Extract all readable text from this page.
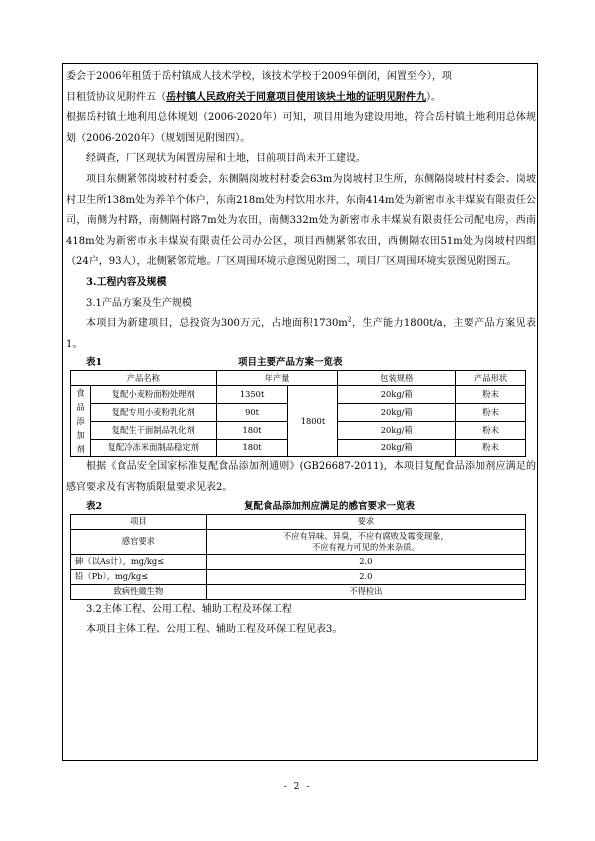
委会于2006年租赁于岳村镇成人技术学校，该技术学校于2009年倒闭，闲置至今），项

目租赁协议见附件五（岳村镇人民政府关于同意项目使用该块土地的证明见附件九）。

根据岳村镇土地利用总体规划（2006-2020年）可知，项目用地为建设用地，符合岳村镇土地利用总体规划（2006-2020年）（规划图见附图四）。

经调查，厂区现状为闲置房屋和土地，目前项目尚未开工建设。

项目东侧紧邻岗坡村村委会，东侧隔岗坡村村委会63m为岗坡村卫生所，东侧隔岗坡村村委会、岗坡村卫生所138m处为养羊个体户，东南218m处为村饮用水井，东南414m处为新密市永丰煤炭有限责任公司，南侧为村路，南侧隔村路7m处为农田，南侧332m处为新密市永丰煤炭有限责任公司配电房，西南418m处为新密市永丰煤炭有限责任公司办公区，项目西侧紧邻农田，西侧隔农田51m处为岗坡村四组（24户，93人），北侧紧邻荒地。厂区周围环境示意图见附图二，项目厂区周围环境实景图见附图五。

3.工程内容及规模

3.1产品方案及生产规模

本项目为新建项目，总投资为300万元，占地面积$1730m^2$，生产能力1800t/a，主要产品方案见表1。

表1	项目主要产品方案一览表
产品名称		年产量		包装规格	产品形状

食
品
添
加
剂	复配小麦粉面粉处理剂	1350t	1800t	20kg/箱	粉末
	复配专用小麦粉乳化剂	90t		20kg/箱	粉末
	复配生干面制品乳化剂	180t		20kg/箱	粉末
	复配冷冻米面制品稳定剂	180t		20kg/箱	粉末

根据《食品安全国家标准复配食品添加剂通则》(GB26687-2011)，本项目复配食品添加剂应满足的感官要求及有害物质限量要求见表2。

表2	复配食品添加剂应满足的感官要求一览表
项目	要求
感官要求	不应有异味、异臭，不应有腐败及霉变现象，
不应有视力可见的外来杂质。

砷（以As计），mg/kg≤	2.0
铅（Pb），mg/kg≤	2.0
致病性微生物	不得检出

3.2主体工程、公用工程、辅助工程及环保工程

本项目主体工程、公用工程、辅助工程及环保工程见表3。

- 2 -
